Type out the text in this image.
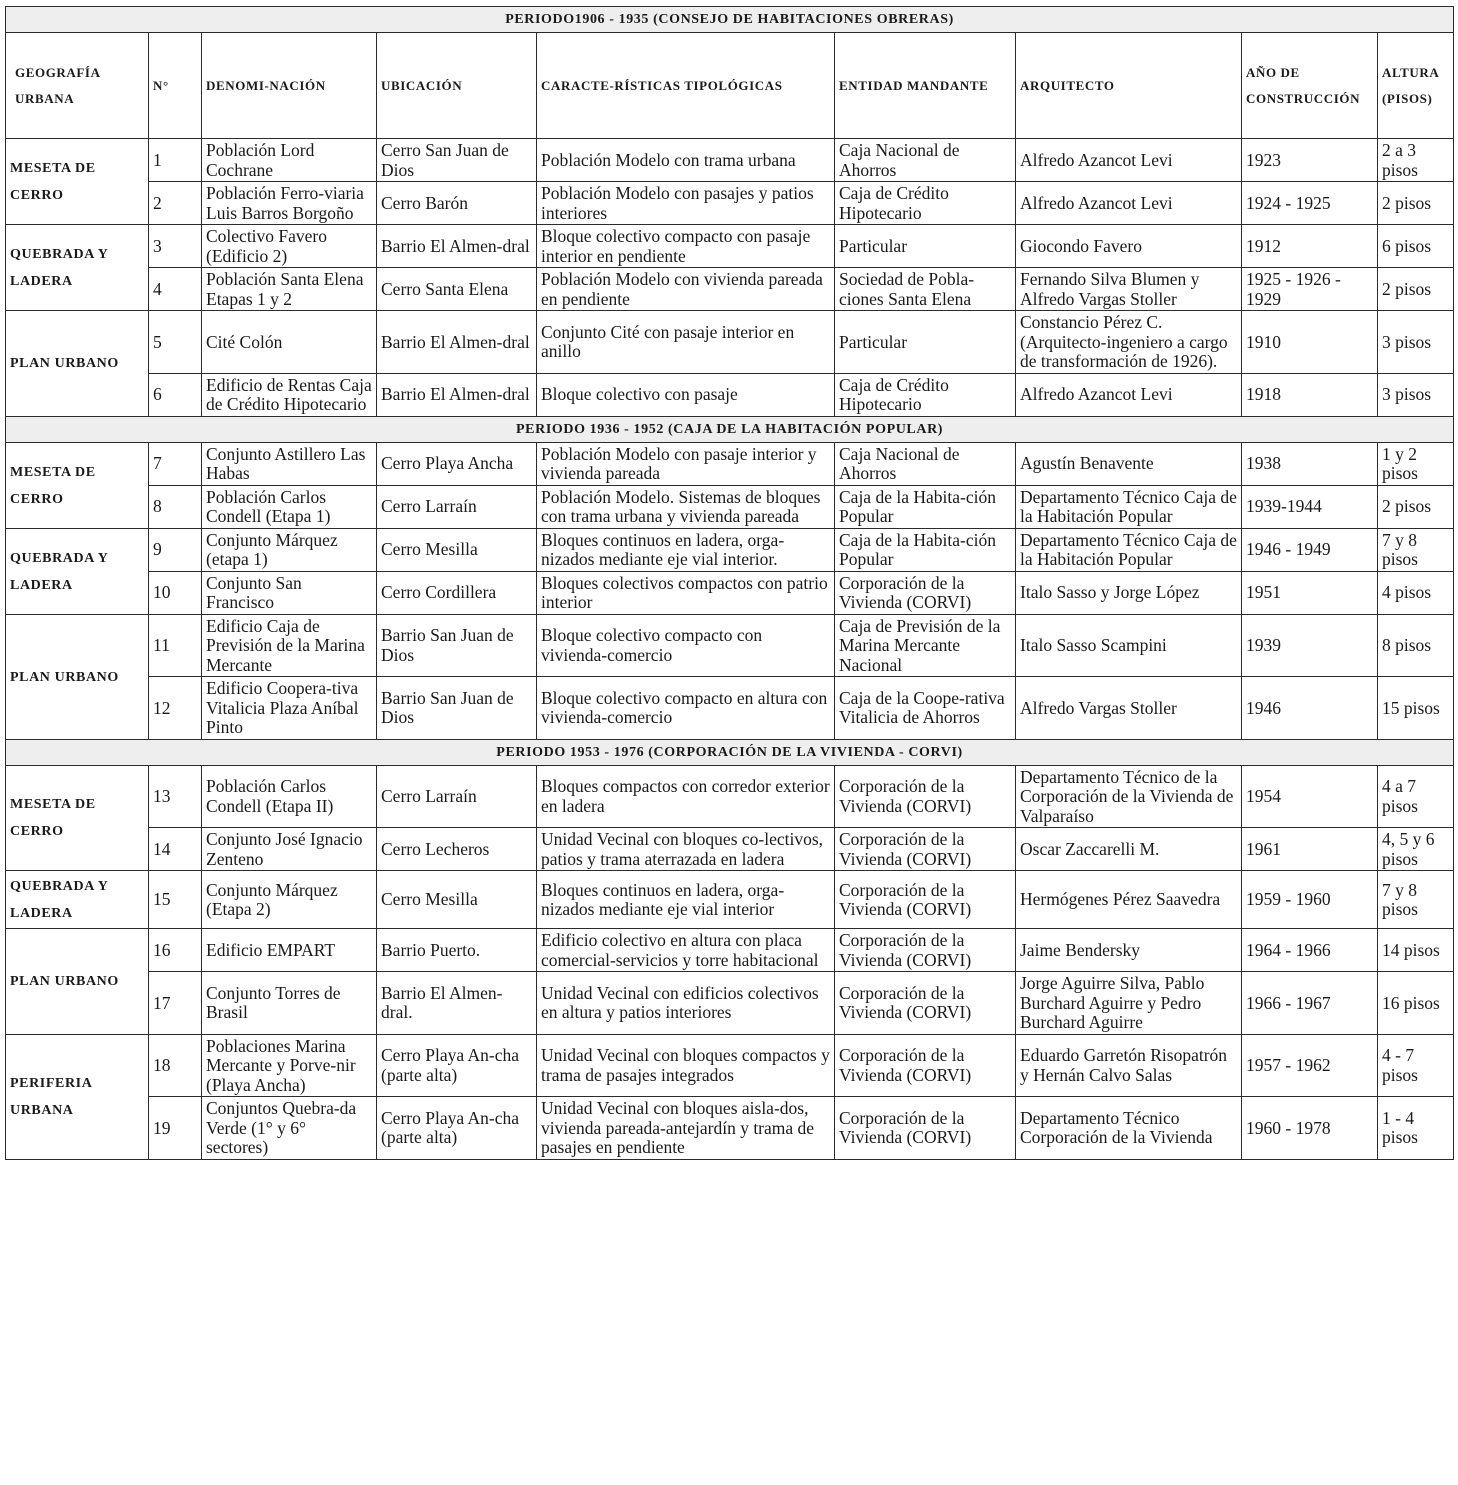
PERIODO1906 - 1935 (CONSEJO DE HABITACIONES OBRERAS)								
GEOGRAFÍA URBANA	N°	DENOMI-NACIÓN	UBICACIÓN	CARACTE-RÍSTICAS TIPOLÓGICAS	ENTIDAD MANDANTE	ARQUITECTO	AÑO DE CONSTRUCCIÓN	ALTURA (PISOS)
MESETA DE CERRO	1	Población Lord Cochrane	Cerro San Juan de Dios	Población Modelo con trama urbana	Caja Nacional de Ahorros	Alfredo Azancot Levi	1923	2 a 3 pisos
	2	Población Ferro-viaria Luis Barros Borgoño	Cerro Barón	Población Modelo con pasajes y patios interiores	Caja de Crédito Hipotecario	Alfredo Azancot Levi	1924 - 1925	2 pisos
QUEBRADA Y LADERA	3	Colectivo Favero (Edificio 2)	Barrio El Almen-dral	Bloque colectivo compacto con pasaje interior en pendiente	Particular	Giocondo Favero	1912	6 pisos
	4	Población Santa Elena Etapas 1 y 2	Cerro Santa Elena	Población Modelo con vivienda pareada en pendiente	Sociedad de Pobla-ciones Santa Elena	Fernando Silva Blumen y Alfredo Vargas Stoller	1925 - 1926 - 1929	2 pisos
PLAN URBANO	5	Cité Colón	Barrio El Almen-dral	Conjunto Cité con pasaje interior en anillo	Particular	Constancio Pérez C. (Arquitecto-ingeniero a cargo de transformación de 1926).	1910	3 pisos
	6	Edificio de Rentas Caja de Crédito Hipotecario	Barrio El Almen-dral	Bloque colectivo con pasaje	Caja de Crédito Hipotecario	Alfredo Azancot Levi	1918	3 pisos
PERIODO 1936 - 1952 (CAJA DE LA HABITACIÓN POPULAR)								
MESETA DE CERRO	7	Conjunto Astillero Las Habas	Cerro Playa Ancha	Población Modelo con pasaje interior y vivienda pareada	Caja Nacional de Ahorros	Agustín Benavente	1938	1 y 2 pisos
	8	Población Carlos Condell (Etapa 1)	Cerro Larraín	Población Modelo. Sistemas de bloques con trama urbana y vivienda pareada	Caja de la Habita-ción Popular	Departamento Técnico Caja de la Habitación Popular	1939-1944	2 pisos
QUEBRADA Y LADERA	9	Conjunto Márquez (etapa 1)	Cerro Mesilla	Bloques continuos en ladera, orga-nizados mediante eje vial interior.	Caja de la Habita-ción Popular	Departamento Técnico Caja de la Habitación Popular	1946 - 1949	7 y 8 pisos
	10	Conjunto San Francisco	Cerro Cordillera	Bloques colectivos compactos con patrio interior	Corporación de la Vivienda (CORVI)	Italo Sasso y Jorge López	1951	4 pisos
PLAN URBANO	11	Edificio Caja de Previsión de la Marina Mercante	Barrio San Juan de Dios	Bloque colectivo compacto con vivienda-comercio	Caja de Previsión de la Marina Mercante Nacional	Italo Sasso Scampini	1939	8 pisos
	12	Edificio Coopera-tiva Vitalicia Plaza Aníbal Pinto	Barrio San Juan de Dios	Bloque colectivo compacto en altura con vivienda-comercio	Caja de la Coope-rativa Vitalicia de Ahorros	Alfredo Vargas Stoller	1946	15 pisos
PERIODO 1953 - 1976 (CORPORACIÓN DE LA VIVIENDA - CORVI)								
MESETA DE CERRO	13	Población Carlos Condell (Etapa II)	Cerro Larraín	Bloques compactos con corredor exterior en ladera	Corporación de la Vivienda (CORVI)	Departamento Técnico de la Corporación de la Vivienda de Valparaíso	1954	4 a 7 pisos
	14	Conjunto José Ignacio Zenteno	Cerro Lecheros	Unidad Vecinal con bloques co-lectivos, patios y trama aterrazada en ladera	Corporación de la Vivienda (CORVI)	Oscar Zaccarelli M.	1961	4, 5 y 6 pisos
QUEBRADA Y LADERA	15	Conjunto Márquez (Etapa 2)	Cerro Mesilla	Bloques continuos en ladera, orga-nizados mediante eje vial interior	Corporación de la Vivienda (CORVI)	Hermógenes Pérez Saavedra	1959 - 1960	7 y 8 pisos
PLAN URBANO	16	Edificio EMPART	Barrio Puerto.	Edificio colectivo en altura con placa comercial-servicios y torre habitacional	Corporación de la Vivienda (CORVI)	Jaime Bendersky	1964 - 1966	14 pisos
	17	Conjunto Torres de Brasil	Barrio El Almen-dral.	Unidad Vecinal con edificios colectivos en altura y patios interiores	Corporación de la Vivienda (CORVI)	Jorge Aguirre Silva, Pablo Burchard Aguirre y Pedro Burchard Aguirre	1966 - 1967	16 pisos
PERIFERIA URBANA	18	Poblaciones Marina Mercante y Porve-nir (Playa Ancha)	Cerro Playa An-cha (parte alta)	Unidad Vecinal con bloques compactos y trama de pasajes integrados	Corporación de la Vivienda (CORVI)	Eduardo Garretón Risopatrón y Hernán Calvo Salas	1957 - 1962	4 - 7 pisos
	19	Conjuntos Quebra-da Verde (1° y 6° sectores)	Cerro Playa An-cha (parte alta)	Unidad Vecinal con bloques aisla-dos, vivienda pareada-antejardín y trama de pasajes en pendiente	Corporación de la Vivienda (CORVI)	Departamento Técnico Corporación de la Vivienda	1960 - 1978	1 - 4 pisos
